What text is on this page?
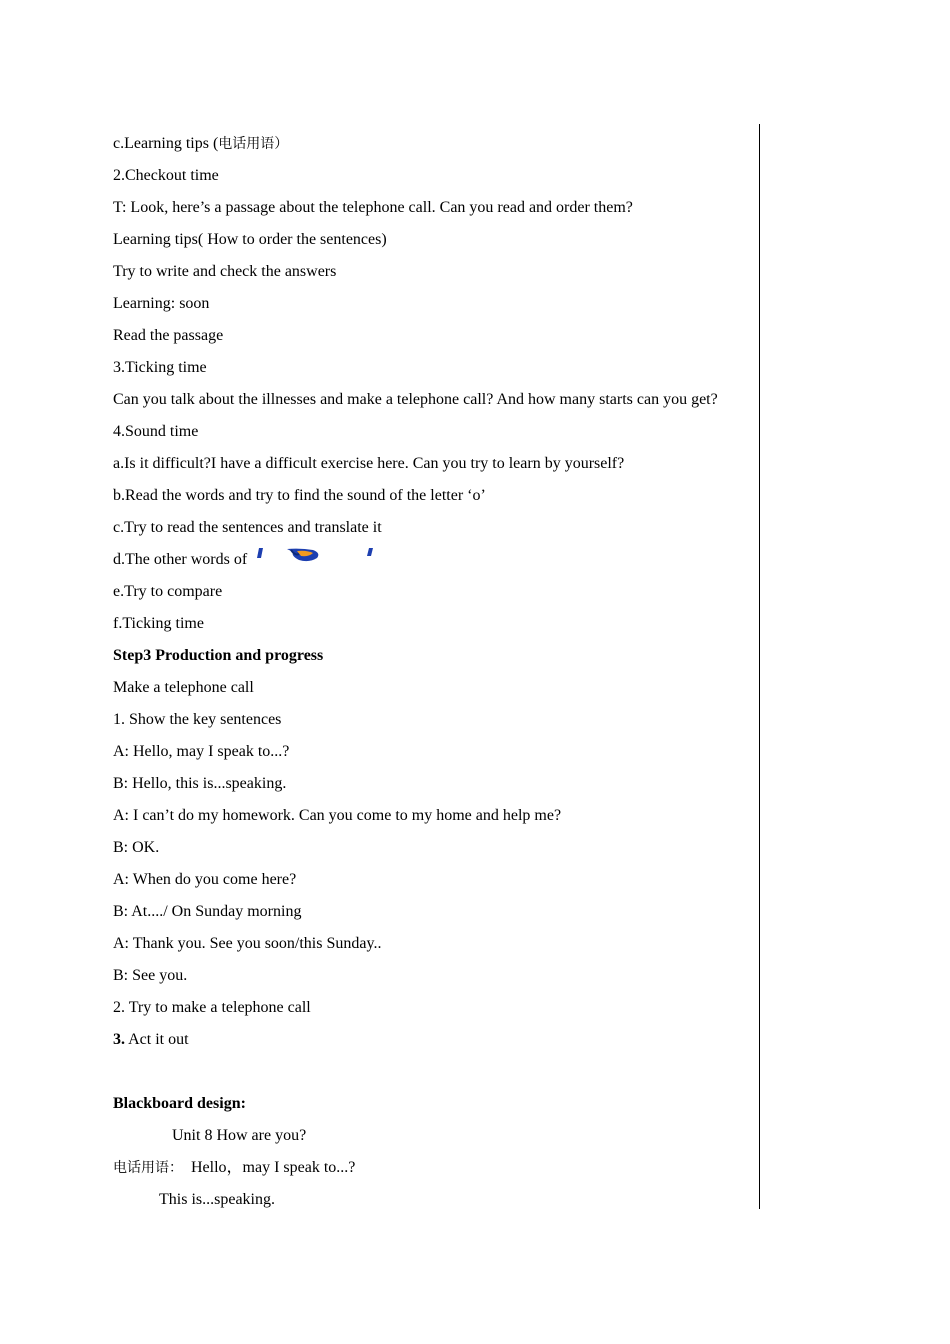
c.Learning tips (电话用语）
2.Checkout time
T: Look, here’s a passage about the telephone call. Can you read and order them?
Learning tips( How to order the sentences)
Try to write and check the answers
Learning: soon
Read the passage
3.Ticking time
Can you talk about the illnesses and make a telephone call? And how many starts can you get?
4.Sound time
a.Is it difficult?I have a difficult exercise here. Can you try to learn by yourself?
b.Read the words and try to find the sound of the letter ‘o’
c.Try to read the sentences and translate it
d.The other words of
e.Try to compare
f.Ticking time
Step3 Production and progress
Make a telephone call
1. Show the key sentences
A: Hello, may I speak to...?
B: Hello, this is...speaking.
A: I can’t do my homework. Can you come to my home and help me?
B: OK.
A: When do you come here?
B: At..../ On Sunday morning
A: Thank you. See you soon/this Sunday..
B: See you.
2. Try to make a telephone call
3. Act it out
Blackboard design:
Unit 8 How are you?
电话用语： Hello，may I speak to...?
This is...speaking.
